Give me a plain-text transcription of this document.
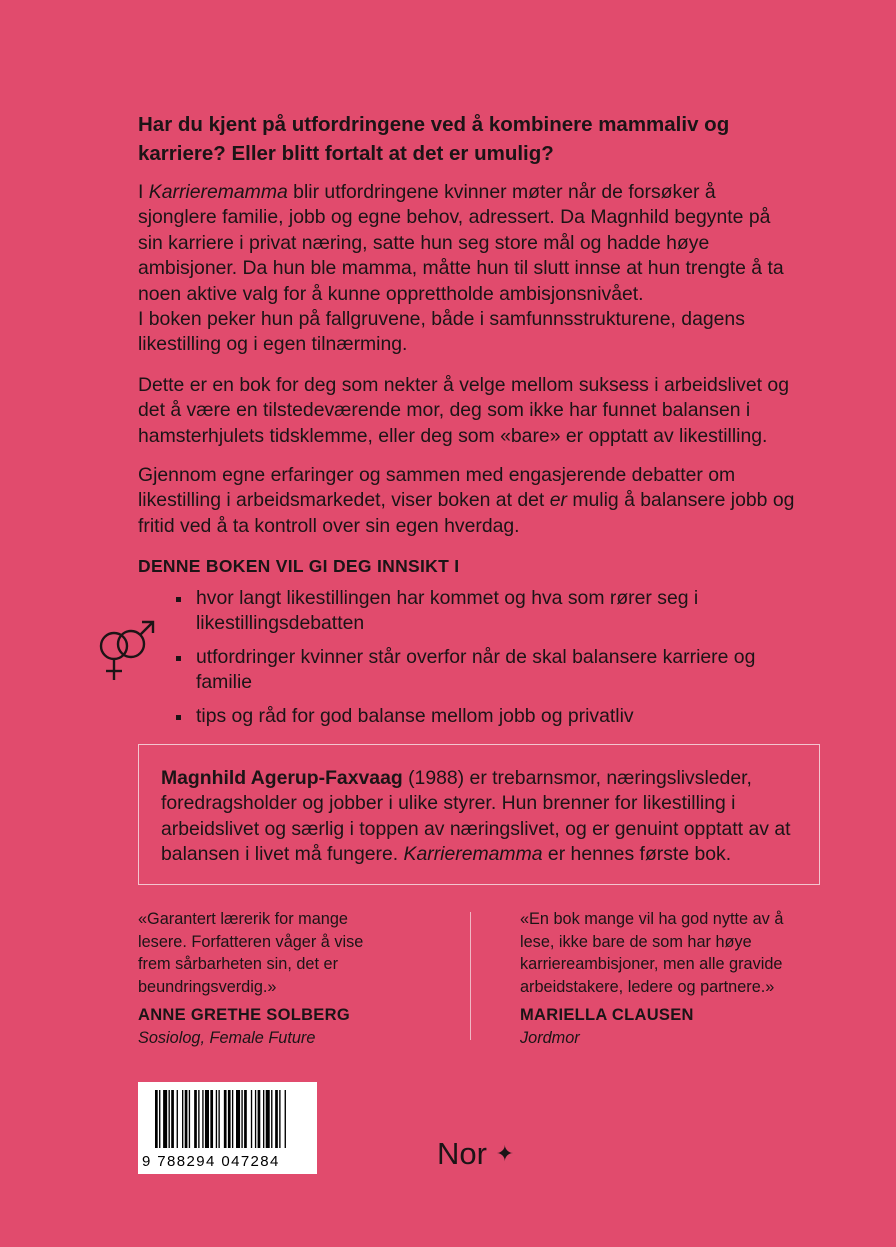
Har du kjent på utfordringene ved å kombinere mammaliv og karriere? Eller blitt fortalt at det er umulig?

I Karrieremamma blir utfordringene kvinner møter når de forsøker å sjonglere familie, jobb og egne behov, adressert. Da Magnhild begynte på sin karriere i privat næring, satte hun seg store mål og hadde høye ambisjoner. Da hun ble mamma, måtte hun til slutt innse at hun trengte å ta noen aktive valg for å kunne opprettholde ambisjonsnivået.
I boken peker hun på fallgruvene, både i samfunnsstrukturene, dagens likestilling og i egen tilnærming.

Dette er en bok for deg som nekter å velge mellom suksess i arbeidslivet og det å være en tilstedeværende mor, deg som ikke har funnet balansen i hamsterhjulets tidsklemme, eller deg som «bare» er opptatt av likestilling.

Gjennom egne erfaringer og sammen med engasjerende debatter om likestilling i arbeidsmarkedet, viser boken at det er mulig å balansere jobb og fritid ved å ta kontroll over sin egen hverdag.

DENNE BOKEN VIL GI DEG INNSIKT I

hvor langt likestillingen har kommet og hva som rører seg i likestillingsdebatten
utfordringer kvinner står overfor når de skal balansere karriere og familie
tips og råd for god balanse mellom jobb og privatliv

Magnhild Agerup-Faxvaag (1988) er trebarnsmor, næringslivsleder, foredragsholder og jobber i ulike styrer. Hun brenner for likestilling i arbeidslivet og særlig i toppen av næringslivet, og er genuint opptatt av at balansen i livet må fungere. Karrieremamma er hennes første bok.

«Garantert lærerik for mange lesere. Forfatteren våger å vise frem sårbarheten sin, det er beundringsverdig.»

ANNE GRETHE SOLBERG

Sosiolog, Female Future

«En bok mange vil ha god nytte av å lese, ikke bare de som har høye karriereambisjoner, men alle gravide arbeidstakere, ledere og partnere.»

MARIELLA CLAUSEN

Jordmor

9 788294 047284	Nor ✦
